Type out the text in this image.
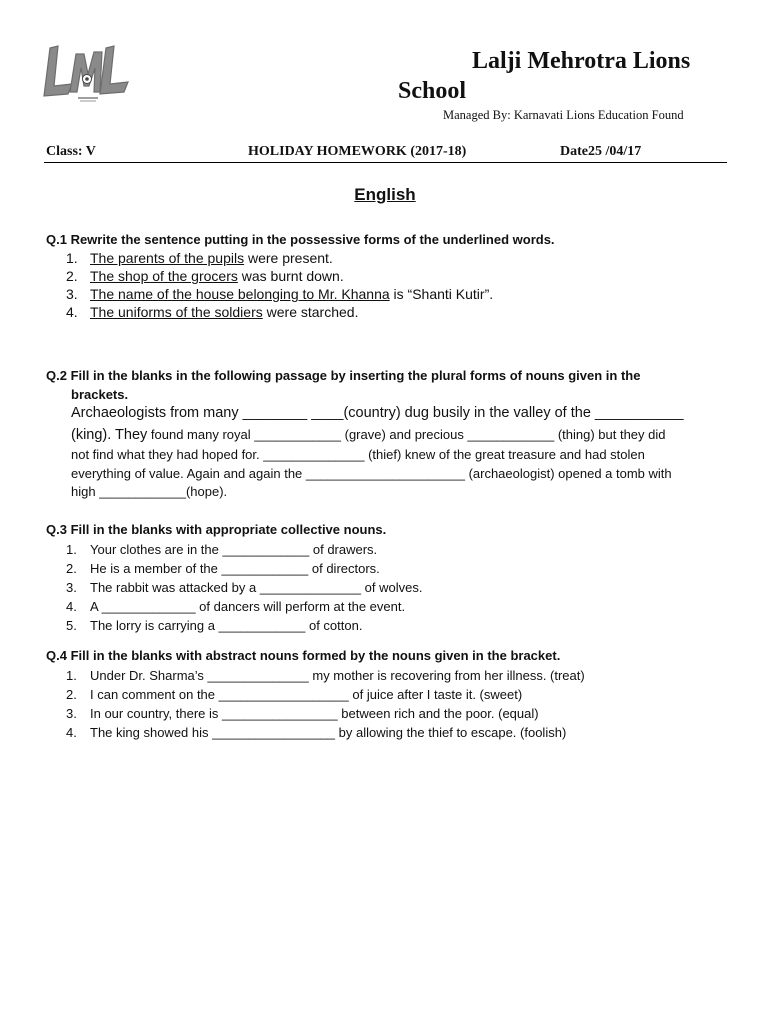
Lalji Mehrotra Lions
School
Managed By: Karnavati Lions Education Found
Class: V	HOLIDAY HOMEWORK (2017-18)	Date25 /04/17
English
Q.1 Rewrite the sentence putting in the possessive forms of the underlined words.
1. The parents of the pupils were present.
2. The shop of the grocers was burnt down.
3. The name of the house belonging to Mr. Khanna is “Shanti Kutir”.
4. The uniforms of the soldiers were starched.
Q.2 Fill in the blanks in the following passage by inserting the plural forms of nouns given in the
brackets.
Archaeologists from many ________ ____(country) dug busily in the valley of the ___________
(king). They found many royal ____________ (grave) and precious ____________ (thing) but they did
not find what they had hoped for. ______________ (thief) knew of the great treasure and had stolen
everything of value. Again and again the ______________________ (archaeologist) opened a tomb with
high ____________(hope).
Q.3 Fill in the blanks with appropriate collective nouns.
1. Your clothes are in the ____________ of drawers.
2. He is a member of the ____________ of directors.
3. The rabbit was attacked by a ______________ of wolves.
4. A _____________ of dancers will perform at the event.
5. The lorry is carrying a ____________ of cotton.
Q.4 Fill in the blanks with abstract nouns formed by the nouns given in the bracket.
1. Under Dr. Sharma’s ______________ my mother is recovering from her illness. (treat)
2. I can comment on the __________________ of juice after I taste it. (sweet)
3. In our country, there is ________________ between rich and the poor. (equal)
4. The king showed his _________________ by allowing the thief to escape. (foolish)
